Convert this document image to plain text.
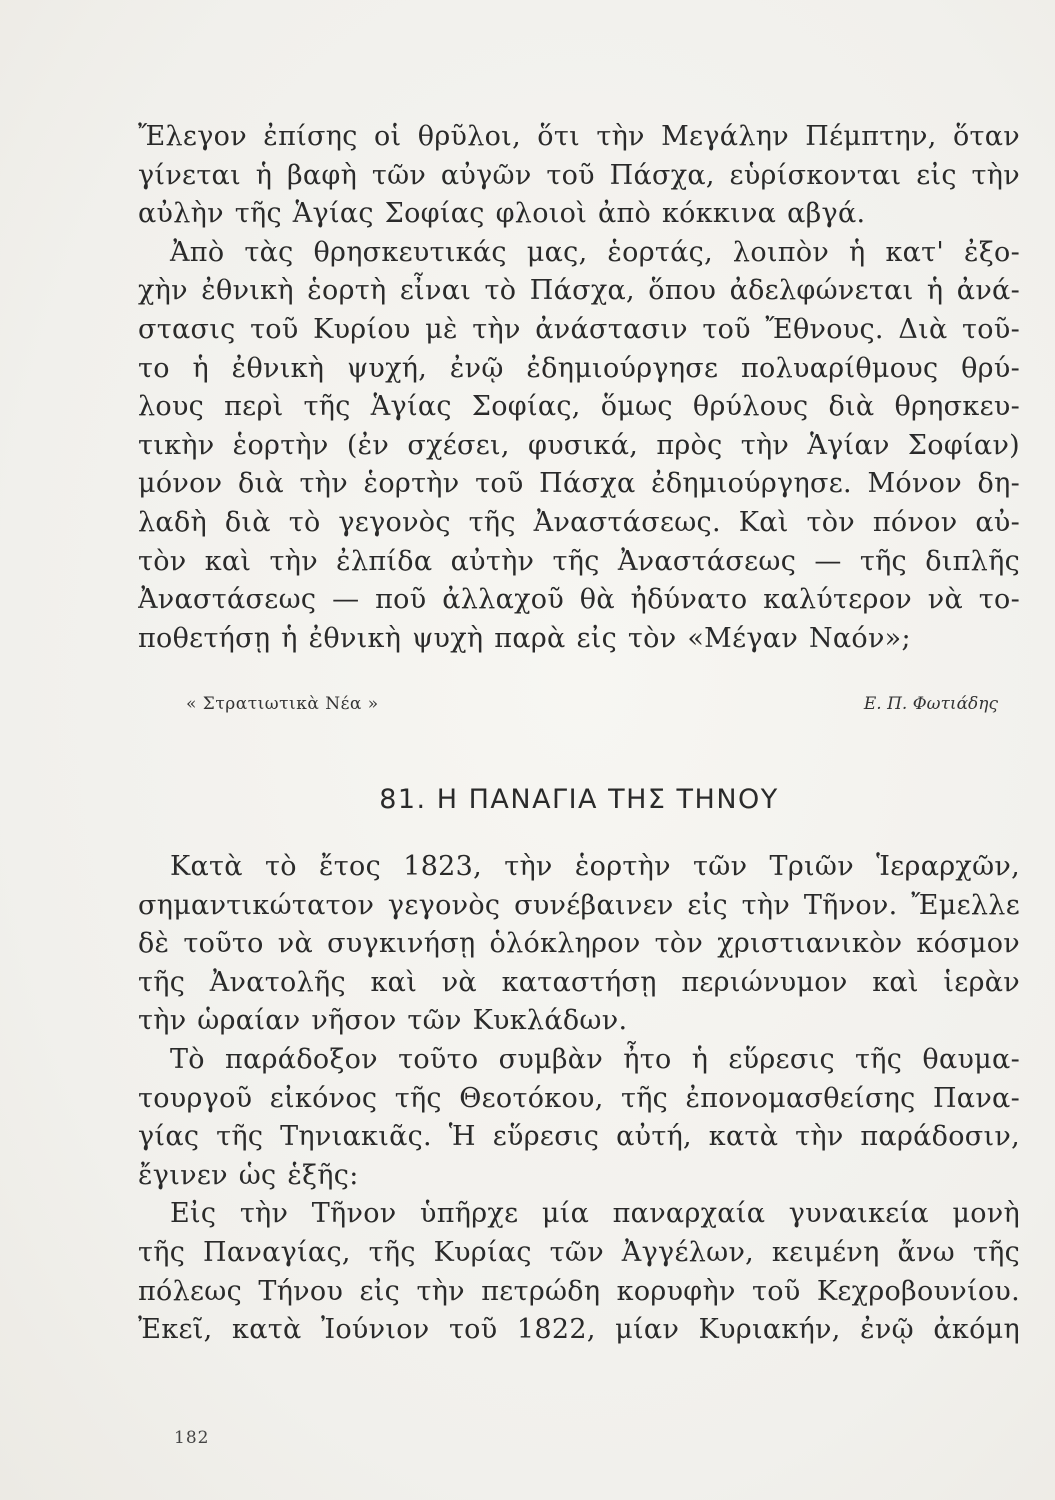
Ἔλεγον ἐπίσης οἱ θρῦλοι, ὅτι τὴν Μεγάλην Πέμπτην, ὅταν
γίνεται ἡ βαφὴ τῶν αὐγῶν τοῦ Πάσχα, εὑρίσκονται εἰς τὴν
αὐλὴν τῆς Ἁγίας Σοφίας φλοιοὶ ἀπὸ κόκκινα αβγά.
Ἀπὸ τὰς θρησκευτικάς μας, ἑορτάς, λοιπὸν ἡ κατ' ἐξο-
χὴν ἐθνικὴ ἑορτὴ εἶναι τὸ Πάσχα, ὅπου ἀδελφώνεται ἡ ἀνά-
στασις τοῦ Κυρίου μὲ τὴν ἀνάστασιν τοῦ Ἔθνους. Διὰ τοῦ-
το ἡ ἐθνικὴ ψυχή, ἐνῷ ἐδημιούργησε πολυαρίθμους θρύ-
λους περὶ τῆς Ἁγίας Σοφίας, ὅμως θρύλους διὰ θρησκευ-
τικὴν ἑορτὴν (ἐν σχέσει, φυσικά, πρὸς τὴν Ἁγίαν Σοφίαν)
μόνον διὰ τὴν ἑορτὴν τοῦ Πάσχα ἐδημιούργησε. Μόνον δη-
λαδὴ διὰ τὸ γεγονὸς τῆς Ἀναστάσεως. Καὶ τὸν πόνον αὐ-
τὸν καὶ τὴν ἐλπίδα αὐτὴν τῆς Ἀναστάσεως — τῆς διπλῆς
Ἀναστάσεως — ποῦ ἀλλαχοῦ θὰ ἠδύνατο καλύτερον νὰ το-
ποθετήσῃ ἡ ἐθνικὴ ψυχὴ παρὰ εἰς τὸν «Μέγαν Ναόν»;
« Στρατιωτικὰ Νέα »	Ε. Π. Φωτιάδης
81. Η ΠΑΝΑΓΙΑ ΤΗΣ ΤΗΝΟΥ
Κατὰ τὸ ἔτος 1823, τὴν ἑορτὴν τῶν Τριῶν Ἱεραρχῶν,
σημαντικώτατον γεγονὸς συνέβαινεν εἰς τὴν Τῆνον. Ἔμελλε
δὲ τοῦτο νὰ συγκινήσῃ ὁλόκληρον τὸν χριστιανικὸν κόσμον
τῆς Ἀνατολῆς καὶ νὰ καταστήσῃ περιώνυμον καὶ ἱερὰν
τὴν ὡραίαν νῆσον τῶν Κυκλάδων.
Τὸ παράδοξον τοῦτο συμβὰν ἦτο ἡ εὕρεσις τῆς θαυμα-
τουργοῦ εἰκόνος τῆς Θεοτόκου, τῆς ἐπονομασθείσης Πανα-
γίας τῆς Τηνιακιᾶς. Ἡ εὕρεσις αὐτή, κατὰ τὴν παράδοσιν,
ἔγινεν ὡς ἑξῆς:
Εἰς τὴν Τῆνον ὑπῆρχε μία παναρχαία γυναικεία μονὴ
τῆς Παναγίας, τῆς Κυρίας τῶν Ἀγγέλων, κειμένη ἄνω τῆς
πόλεως Τήνου εἰς τὴν πετρώδη κορυφὴν τοῦ Κεχροβουνίου.
Ἐκεῖ, κατὰ Ἰούνιον τοῦ 1822, μίαν Κυριακήν, ἐνῷ ἀκόμη
182
